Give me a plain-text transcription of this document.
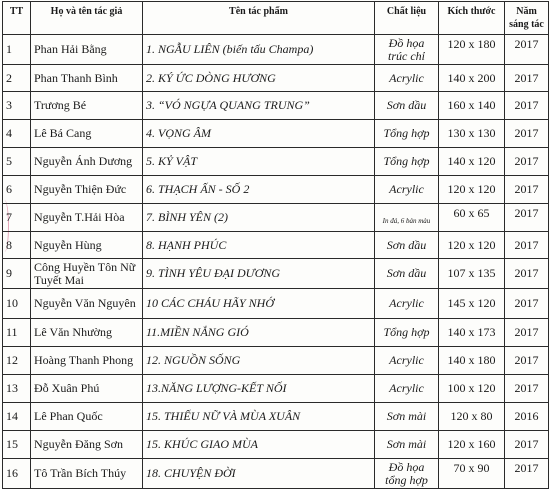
TT	Họ và tên tác giả	Tên tác phẩm	Chất liệu	Kích thước	Năm sáng tác
1	Phan Hải Bằng	1. NGẪU LIÊN (biến tấu Champa)	Đồ họa trúc chỉ	120 x 180	2017
2	Phan Thanh Bình	2. KÝ ỨC DÒNG HƯƠNG	Acrylic	140 x 200	2017
3	Trương Bé	3. “VÓ NGỰA QUANG TRUNG”	Sơn dầu	160 x 140	2017
4	Lê Bá Cang	4. VỌNG ÂM	Tổng hợp	130 x 130	2017
5	Nguyễn Ánh Dương	5. KỶ VẬT	Tổng hợp	140 x 120	2017
6	Nguyễn Thiện Đức	6. THẠCH ẤN - SỐ 2	Acrylic	120 x 120	2017
7	Nguyễn T.Hải Hòa	7. BÌNH YÊN (2)	In đá, 6 bản màu	60 x 65	2017
8	Nguyễn Hùng	8. HẠNH PHÚC	Sơn dầu	120 x 120	2017
9	Công Huyền Tôn Nữ Tuyết Mai	9. TÌNH YÊU ĐẠI DƯƠNG	Sơn dầu	107 x 135	2017
10	Nguyễn Văn Nguyên	10 CÁC CHÁU HÃY NHỚ	Acrylic	145 x 120	2017
11	Lê Văn Nhường	11.MIỀN NẮNG GIÓ	Tổng hợp	140 x 173	2017
12	Hoàng Thanh Phong	12. NGUỒN SỐNG	Acrylic	140 x 180	2017
13	Đỗ Xuân Phú	13.NĂNG LƯỢNG-KẾT NỐI	Acrylic	100 x 120	2017
14	Lê Phan Quốc	15. THIẾU NỮ VÀ MÙA XUÂN	Sơn mài	120 x 80	2016
15	Nguyễn Đăng Sơn	15. KHÚC GIAO MÙA	Sơn mài	120 x 160	2017
16	Tô Trần Bích Thúy	18. CHUYỆN ĐỜI	Đồ họa tổng hợp	70 x 90	2017
